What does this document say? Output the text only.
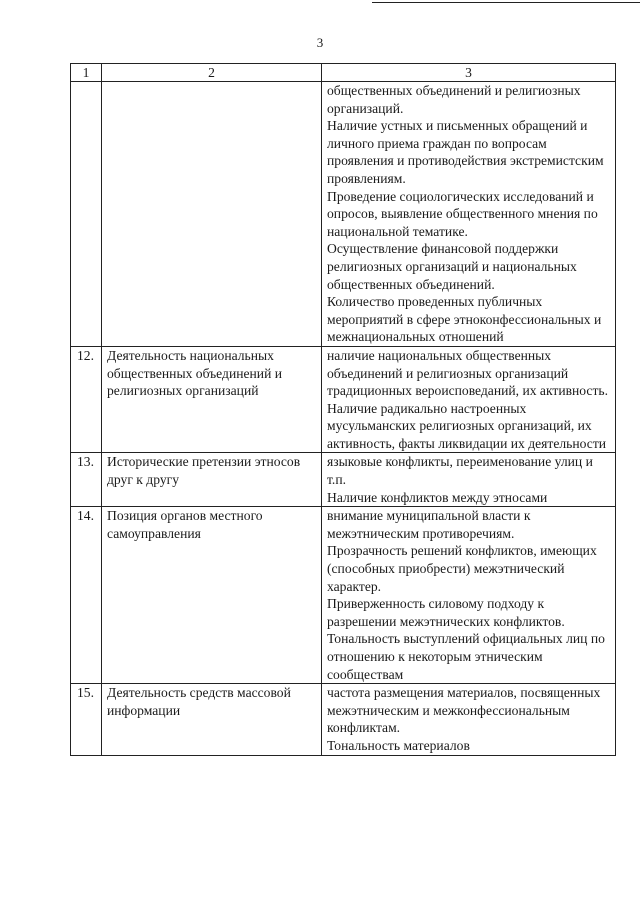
3
1	2	3

		общественных объединений и религиозных организаций.
Наличие устных и письменных обращений и личного приема граждан по вопросам проявления и противодействия экстремистским проявлениям.
Проведение социологических исследований и опросов, выявление общественного мнения по национальной тематике.
Осуществление финансовой поддержки религиозных организаций и национальных общественных объединений.
Количество проведенных публичных мероприятий в сфере этноконфессиональных и межнациональных отношений

12.	Деятельность национальных общественных объединений и религиозных организаций	наличие национальных общественных объединений и религиозных организаций традиционных вероисповеданий, их активность.
Наличие радикально настроенных мусульманских религиозных организаций, их активность, факты ликвидации их деятельности

13.	Исторические претензии этносов друг к другу	языковые конфликты, переименование улиц и т.п.
Наличие конфликтов между этносами

14.	Позиция органов местного самоуправления	внимание муниципальной власти к межэтническим противоречиям.
Прозрачность решений конфликтов, имеющих (способных приобрести) межэтнический характер.
Приверженность силовому подходу к разрешении межэтнических конфликтов.
Тональность выступлений официальных лиц по отношению к некоторым этническим сообществам

15.	Деятельность средств массовой информации	частота размещения материалов, посвященных межэтническим и межконфессиональным конфликтам.
Тональность материалов
